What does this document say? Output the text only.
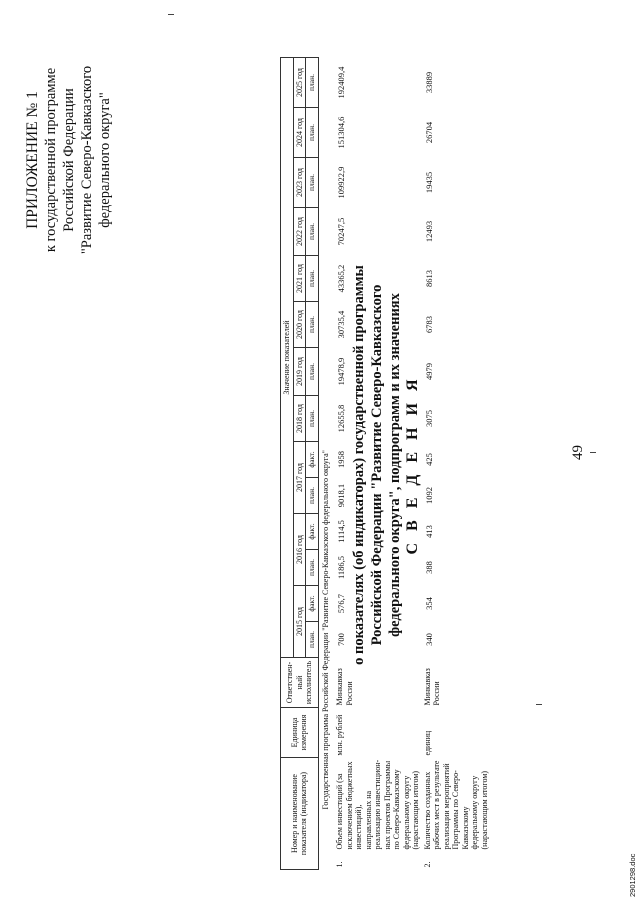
49
ПРИЛОЖЕНИЕ № 1 к государственной программе Российской Федерации "Развитие Северо-Кавказского федерального округа"
С В Е Д Е Н И Я
о показателях (об индикаторах) государственной программы Российской Федерации "Развитие Северо-Кавказского федерального округа", подпрограмм и их значениях
Номер и наименование показателя (индикатора)	Единица измерения	Ответствен-ный исполнитель	Значение показателей													
			2015 год		2016 год		2017 год		2018 год	2019 год	2020 год	2021 год	2022 год	2023 год	2024 год	2025 год
			план.	факт.	план.	факт.	план.	факт.	план.	план.	план.	план.	план.	план.	план.	план.
Государственная программа Российской Федерации "Развитие Северо-Кавказского федерального округа"																

1.
Объем инвестиций (за исключением бюджетных инвестиций), направленных на реализацию инвестицион-ных проектов Программы по Северо-Кавказскому федеральному округу (нарастающим итогом)	млн. рублей	Минкавказ России	700	576,7	1186,5	1114,5	9018,1	1958	12655,8	19478,9	30735,4	43365,2	70247,5	109922,9	151304,6	192409,4

2.
Количество созданных рабочих мест в результате реализации мероприятий Программы по Северо-Кавказскому федеральному округу (нарастающим итогом)	единиц	Минкавказ России	340	354	388	413	1092	425	3075	4979	6783	8613	12493	19435	26704	33889
2901298.doc
